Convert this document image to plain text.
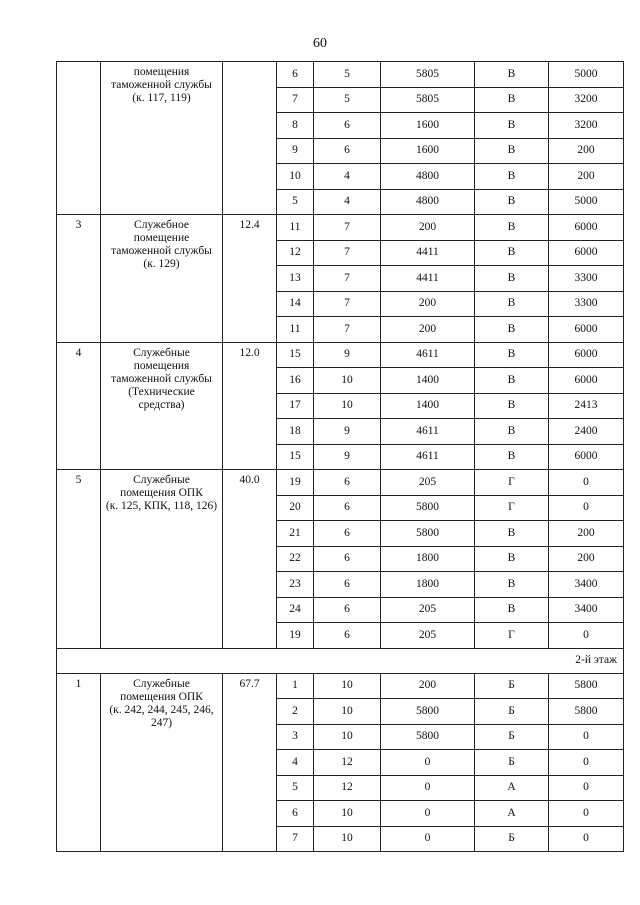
60
	помещения
таможенной службы
(к. 117, 119)		6	5	5805	В	5000
			7	5	5805	В	3200
			8	6	1600	В	3200
			9	6	1600	В	200
			10	4	4800	В	200
			5	4	4800	В	5000
3	Служебное
помещение
таможенной службы
(к. 129)	12.4	11	7	200	В	6000
			12	7	4411	В	6000
			13	7	4411	В	3300
			14	7	200	В	3300
			11	7	200	В	6000
4	Служебные
помещения
таможенной службы
(Технические
средства)	12.0	15	9	4611	В	6000
			16	10	1400	В	6000
			17	10	1400	В	2413
			18	9	4611	В	2400
			15	9	4611	В	6000
5	Служебные
помещения ОПК
(к. 125, КПК, 118, 126)	40.0	19	6	205	Г	0
			20	6	5800	Г	0
			21	6	5800	В	200
			22	6	1800	В	200
			23	6	1800	В	3400
			24	6	205	В	3400
			19	6	205	Г	0
2-й этаж							
1	Служебные
помещения ОПК
(к. 242, 244, 245, 246,
247)	67.7	1	10	200	Б	5800
			2	10	5800	Б	5800
			3	10	5800	Б	0
			4	12	0	Б	0
			5	12	0	А	0
			6	10	0	А	0
			7	10	0	Б	0
